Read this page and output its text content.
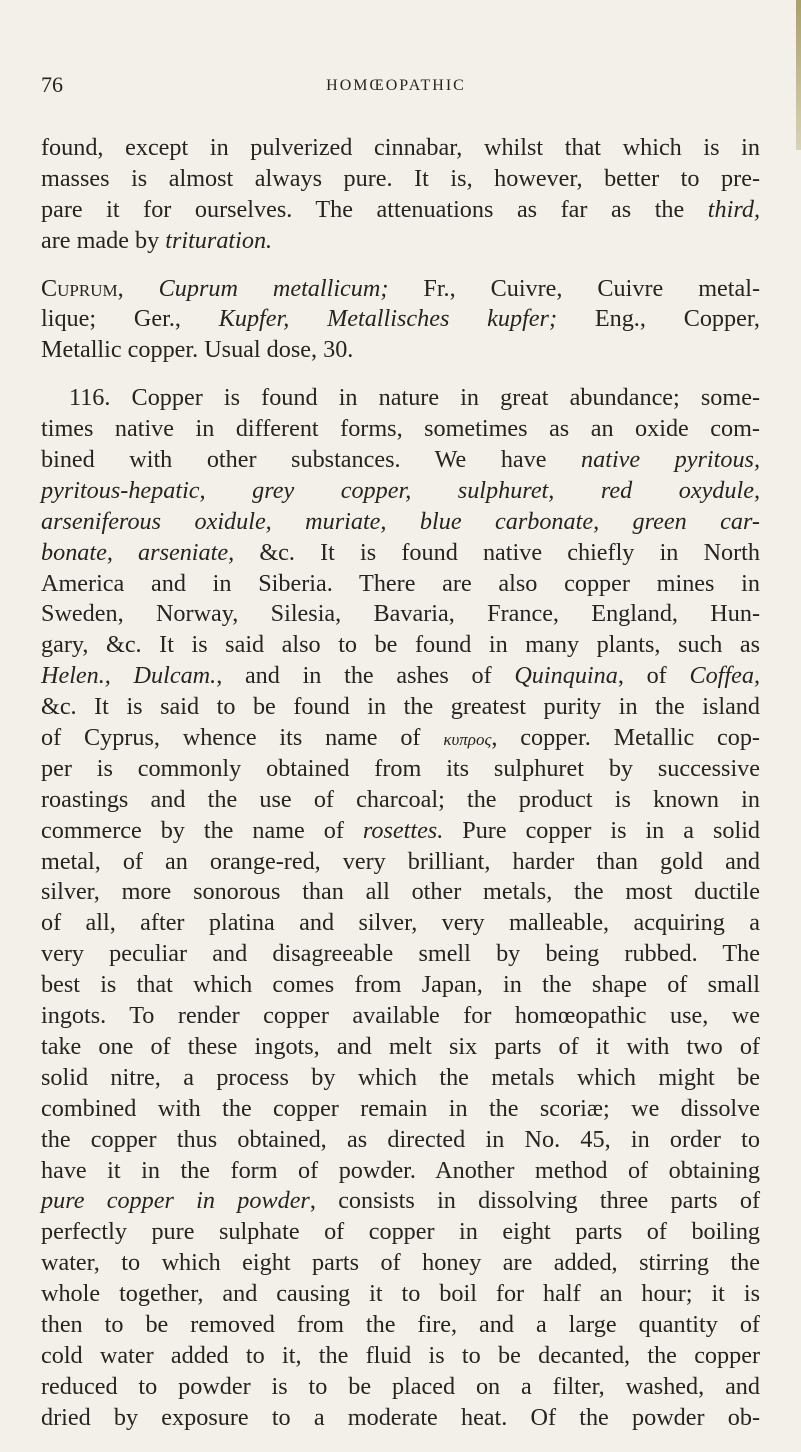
76	HOMŒOPATHIC
found, except in pulverized cinnabar, whilst that which is in
masses is almost always pure. It is, however, better to pre-
pare it for ourselves. The attenuations as far as the third,
are made by trituration.
Cuprum, Cuprum metallicum; Fr., Cuivre, Cuivre metal-
lique; Ger., Kupfer, Metallisches kupfer; Eng., Copper,
Metallic copper. Usual dose, 30.
116. Copper is found in nature in great abundance; some-
times native in different forms, sometimes as an oxide com-
bined with other substances. We have native pyritous,
pyritous-hepatic, grey copper, sulphuret, red oxydule,
arseniferous oxidule, muriate, blue carbonate, green car-
bonate, arseniate, &c. It is found native chiefly in North
America and in Siberia. There are also copper mines in
Sweden, Norway, Silesia, Bavaria, France, England, Hun-
gary, &c. It is said also to be found in many plants, such as
Helen., Dulcam., and in the ashes of Quinquina, of Coffea,
&c. It is said to be found in the greatest purity in the island
of Cyprus, whence its name of κυπρος, copper. Metallic cop-
per is commonly obtained from its sulphuret by successive
roastings and the use of charcoal; the product is known in
commerce by the name of rosettes. Pure copper is in a solid
metal, of an orange-red, very brilliant, harder than gold and
silver, more sonorous than all other metals, the most ductile
of all, after platina and silver, very malleable, acquiring a
very peculiar and disagreeable smell by being rubbed. The
best is that which comes from Japan, in the shape of small
ingots. To render copper available for homœopathic use, we
take one of these ingots, and melt six parts of it with two of
solid nitre, a process by which the metals which might be
combined with the copper remain in the scoriæ; we dissolve
the copper thus obtained, as directed in No. 45, in order to
have it in the form of powder. Another method of obtaining
pure copper in powder, consists in dissolving three parts of
perfectly pure sulphate of copper in eight parts of boiling
water, to which eight parts of honey are added, stirring the
whole together, and causing it to boil for half an hour; it is
then to be removed from the fire, and a large quantity of
cold water added to it, the fluid is to be decanted, the copper
reduced to powder is to be placed on a filter, washed, and
dried by exposure to a moderate heat. Of the powder ob-
